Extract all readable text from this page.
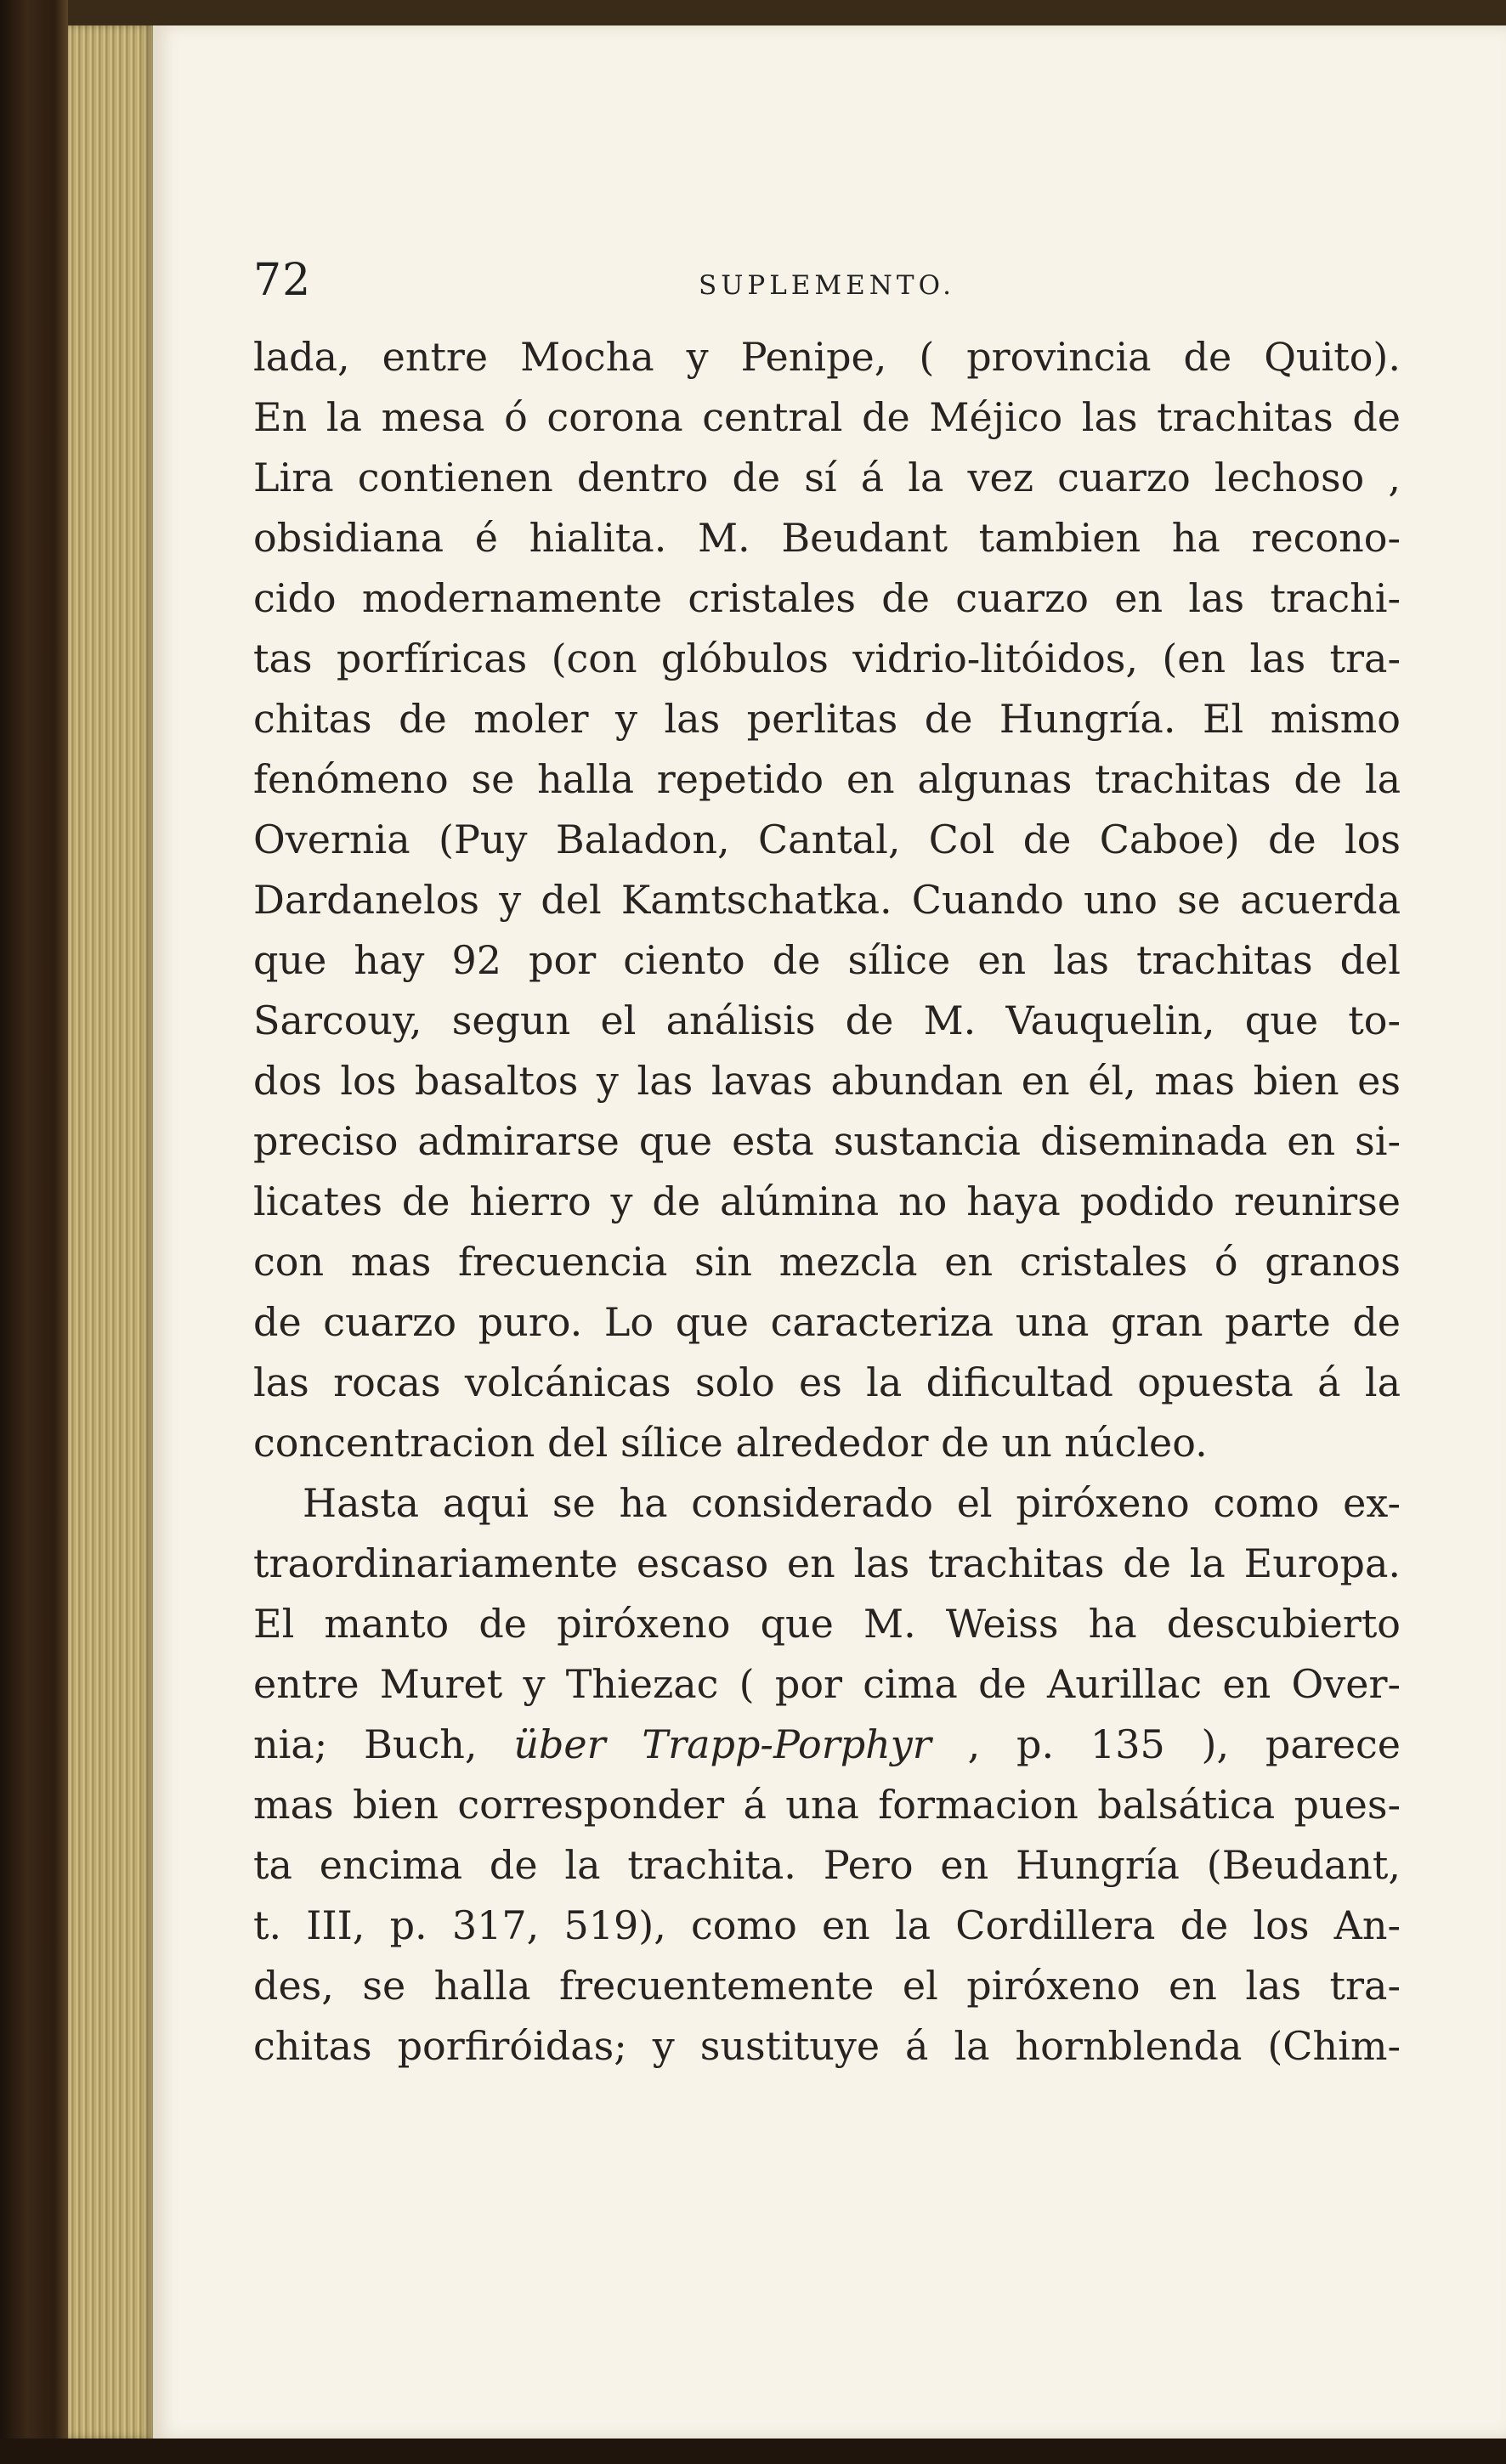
72	SUPLEMENTO.
lada, entre Mocha y Penipe, ( provincia de Quito).
En la mesa ó corona central de Méjico las trachitas de
Lira contienen dentro de sí á la vez cuarzo lechoso ,
obsidiana é hialita. M. Beudant tambien ha recono-
cido modernamente cristales de cuarzo en las trachi-
tas porfíricas (con glóbulos vidrio-litóidos, (en las tra-
chitas de moler y las perlitas de Hungría. El mismo
fenómeno se halla repetido en algunas trachitas de la
Overnia (Puy Baladon, Cantal, Col de Caboe) de los
Dardanelos y del Kamtschatka. Cuando uno se acuerda
que hay 92 por ciento de sílice en las trachitas del
Sarcouy, segun el análisis de M. Vauquelin, que to-
dos los basaltos y las lavas abundan en él, mas bien es
preciso admirarse que esta sustancia diseminada en si-
licates de hierro y de alúmina no haya podido reunirse
con mas frecuencia sin mezcla en cristales ó granos
de cuarzo puro. Lo que caracteriza una gran parte de
las rocas volcánicas solo es la dificultad opuesta á la
concentracion del sílice alrededor de un núcleo.
Hasta aqui se ha considerado el piróxeno como ex-
traordinariamente escaso en las trachitas de la Europa.
El manto de piróxeno que M. Weiss ha descubierto
entre Muret y Thiezac ( por cima de Aurillac en Over-
nia; Buch, über Trapp-Porphyr , p. 135 ), parece
mas bien corresponder á una formacion balsática pues-
ta encima de la trachita. Pero en Hungría (Beudant,
t. III, p. 317, 519), como en la Cordillera de los An-
des, se halla frecuentemente el piróxeno en las tra-
chitas porfiróidas; y sustituye á la hornblenda (Chim-
